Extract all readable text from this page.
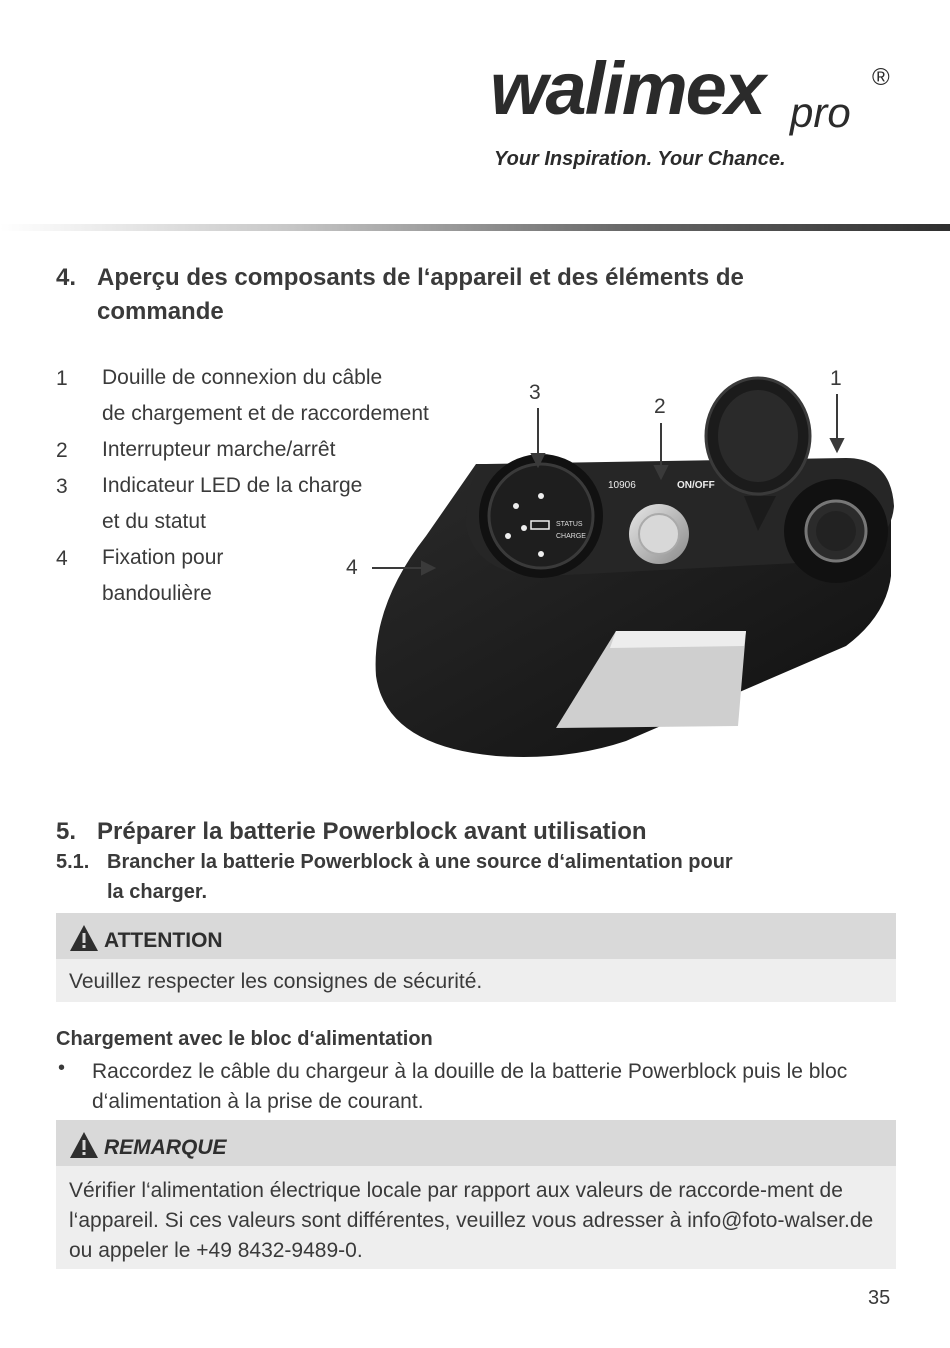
walimex pro
®
Your Inspiration. Your Chance.
4. Aperçu des composants de l‘appareil et des éléments de commande
1 Douille de connexion du câble
de chargement et de raccordement
2 Interrupteur marche/arrêt
3 Indicateur LED de la charge
et du statut
4 Fixation pour
bandoulière
STATUS
CHARGE
10906	ON/OFF
3
2
1
4
5. Préparer la batterie Powerblock avant utilisation
5.1. Brancher la batterie Powerblock à une source d‘alimentation pour
la charger.
ATTENTION
Veuillez respecter les consignes de sécurité.
Chargement avec le bloc d‘alimentation
• Raccordez le câble du chargeur à la douille de la batterie Powerblock puis le bloc d‘alimentation à la prise de courant.
REMARQUE
Vérifier l‘alimentation électrique locale par rapport aux valeurs de raccorde-ment de l‘appareil. Si ces valeurs sont différentes, veuillez vous adresser à info@foto-walser.de ou appeler le +49 8432-9489-0.
35
